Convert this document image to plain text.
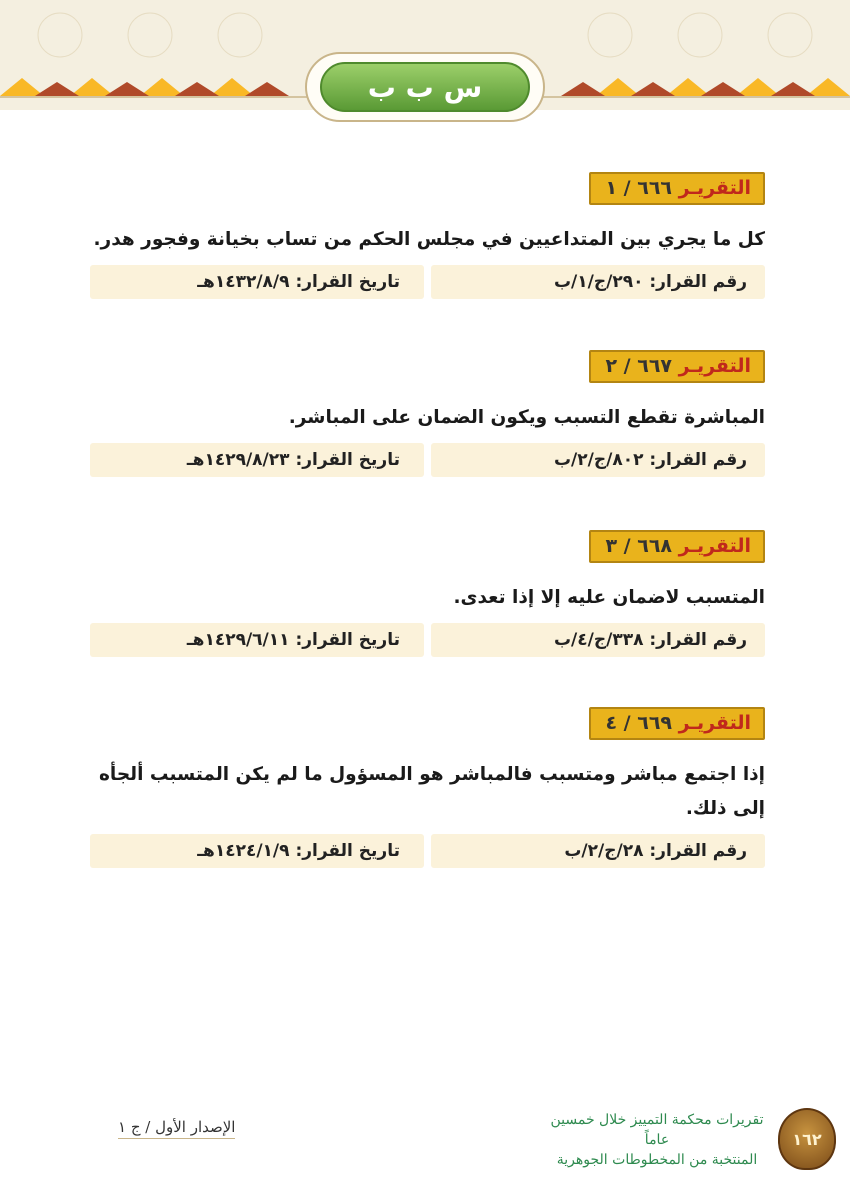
س ب ب
التقريـر ٦٦٦ / ١
كل ما يجري بين المتداعيين في مجلس الحكم من تساب بخيانة وفجور هدر.
رقم القرار: ٢٩٠/ج/١/ب
تاريخ القرار: ١٤٣٢/٨/٩هـ
التقريـر ٦٦٧ / ٢
المباشرة تقطع التسبب ويكون الضمان على المباشر.
رقم القرار: ٨٠٢/ج/٢/ب
تاريخ القرار: ١٤٢٩/٨/٢٣هـ
التقريـر ٦٦٨ / ٣
المتسبب لاضمان عليه إلا إذا تعدى.
رقم القرار: ٣٣٨/ج/٤/ب
تاريخ القرار: ١٤٢٩/٦/١١هـ
التقريـر ٦٦٩ / ٤
إذا اجتمع مباشر ومتسبب فالمباشر هو المسؤول ما لم يكن المتسبب ألجأه إلى ذلك.
رقم القرار: ٢٨/ج/٢/ب
تاريخ القرار: ١٤٢٤/١/٩هـ
الإصدار الأول / ج ١	تقريرات محكمة التمييز خلال خمسين عاماً
المنتخبة من المخطوطات الجوهرية
١٦٢
